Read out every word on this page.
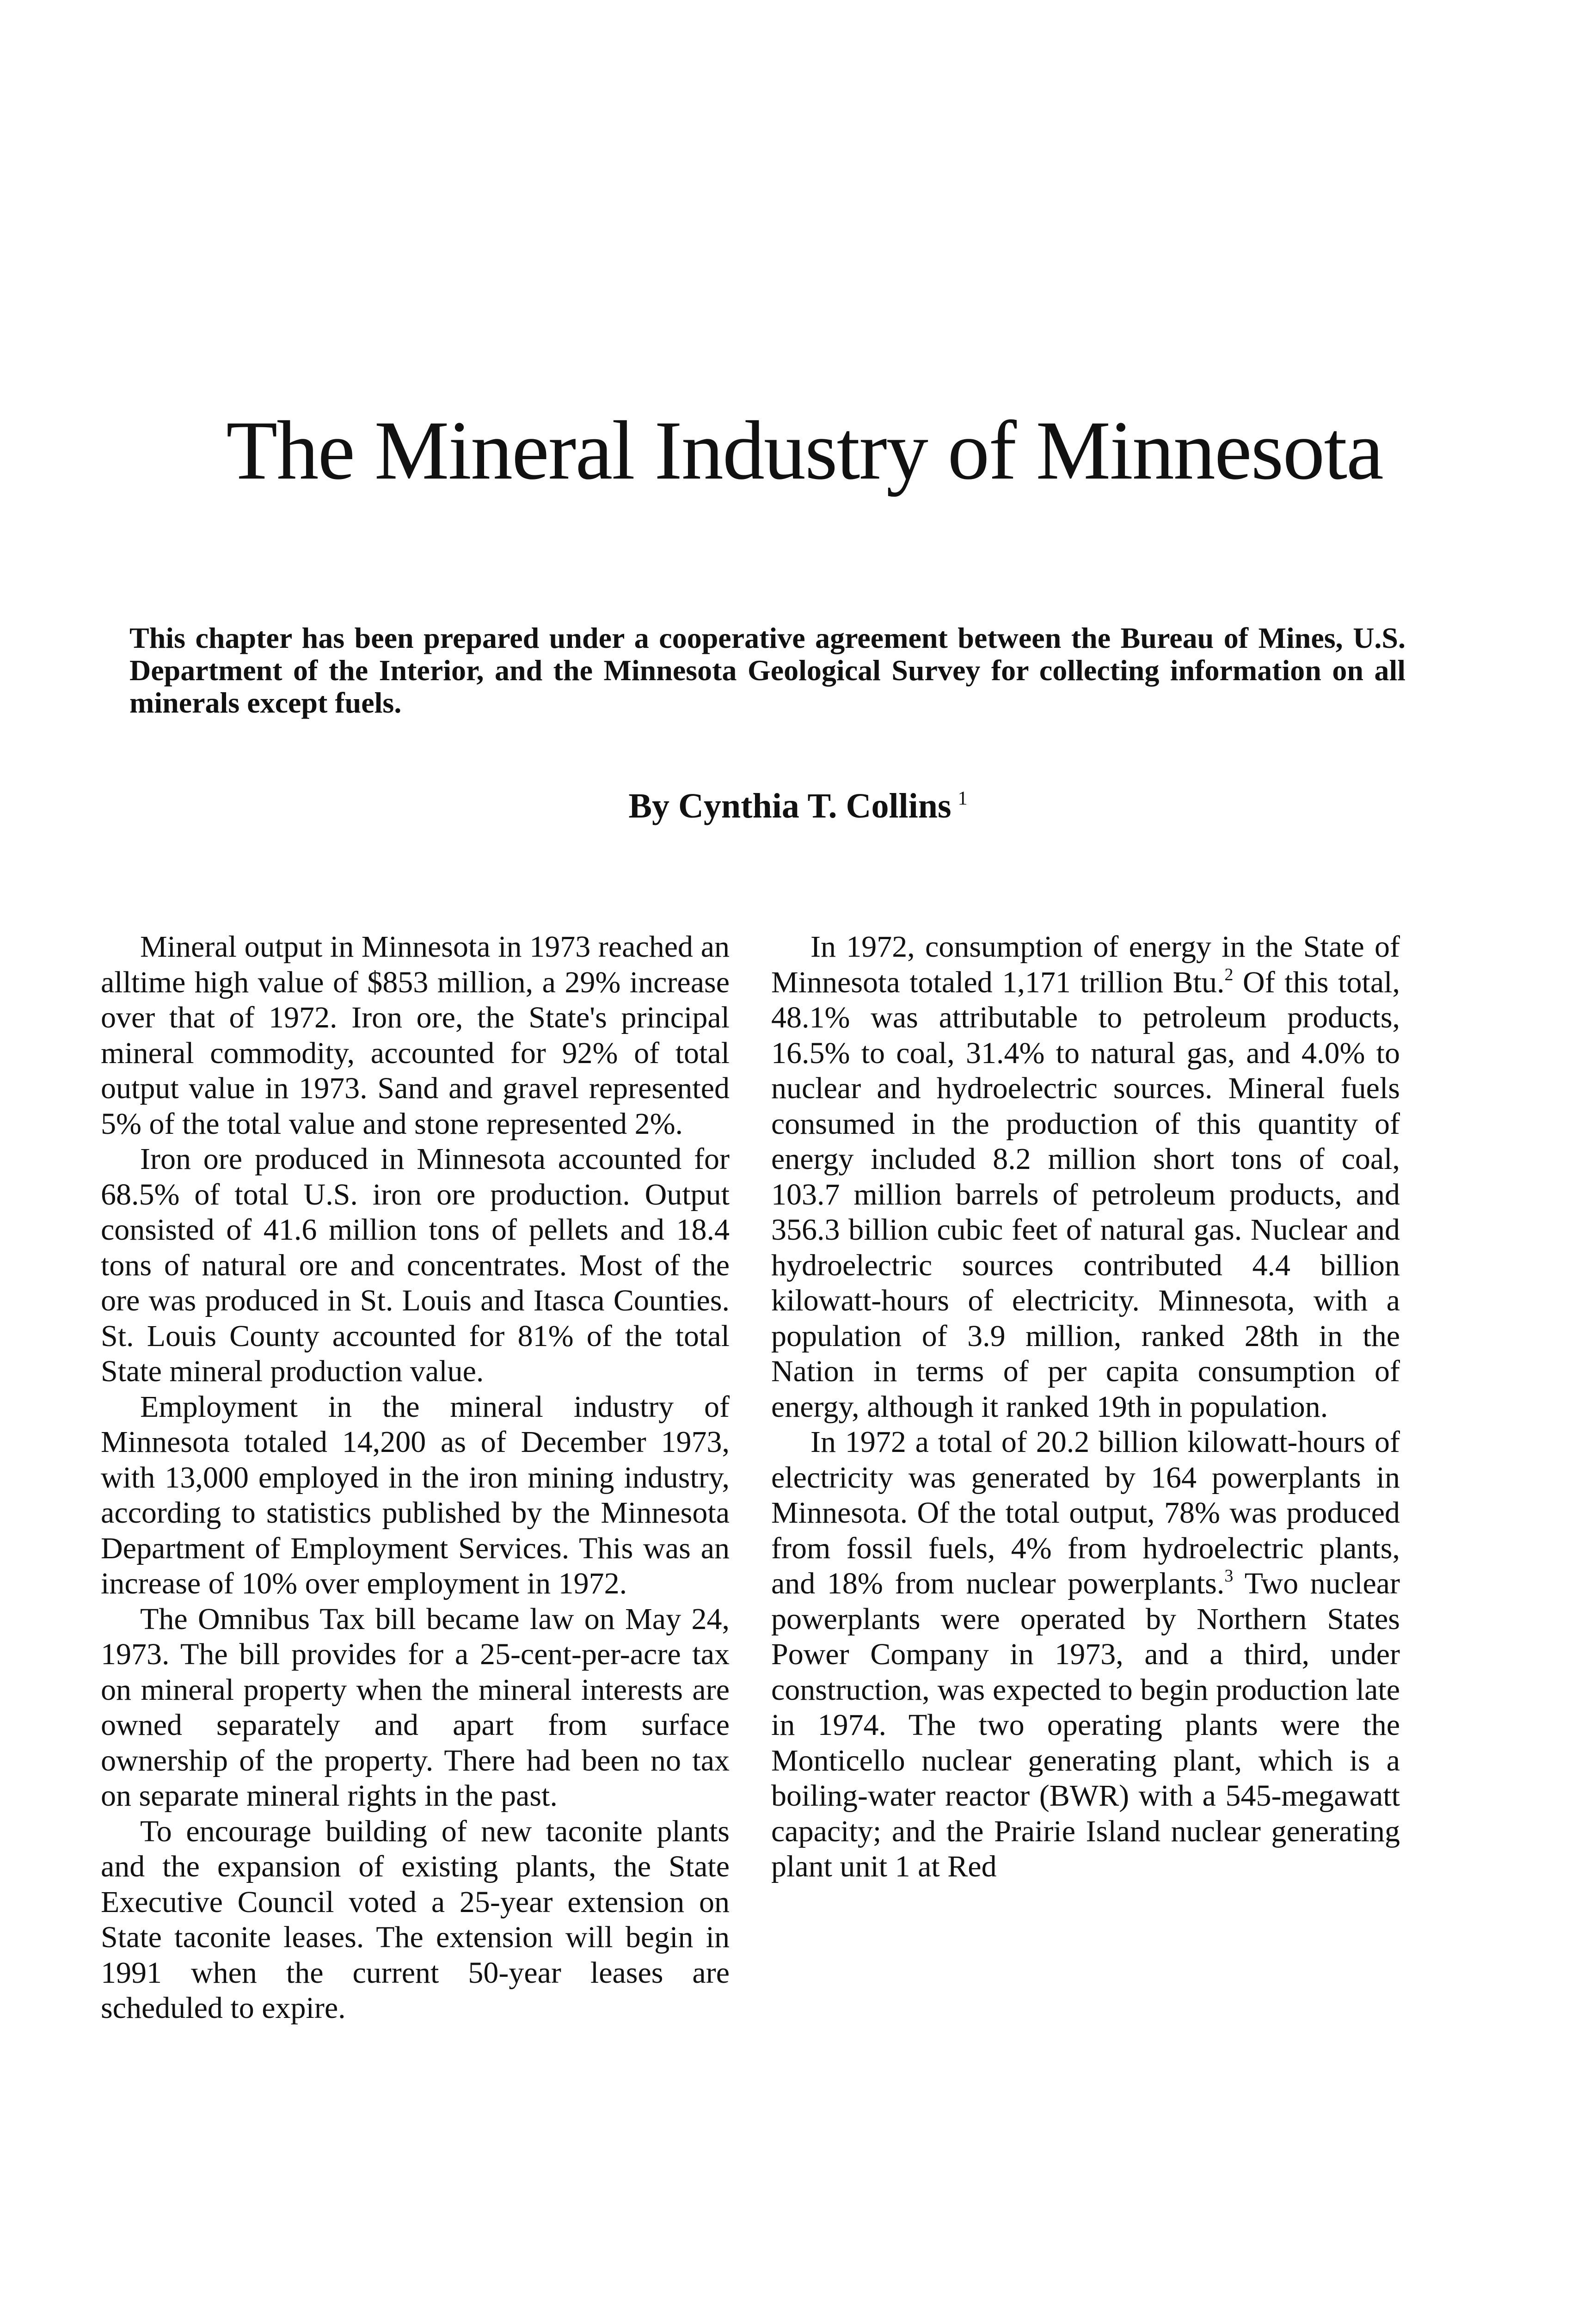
The Mineral Industry of Minnesota

This chapter has been prepared under a cooperative agreement between the Bureau of Mines, U.S. Department of the Interior, and the Minnesota Geological Survey for collecting information on all minerals except fuels.

By Cynthia T. Collins $^1$

Mineral output in Minnesota in 1973 reached an alltime high value of $853 million, a 29% increase over that of 1972. Iron ore, the State's principal mineral commodity, accounted for 92% of total output value in 1973. Sand and gravel represented 5% of the total value and stone represented 2%.

Iron ore produced in Minnesota accounted for 68.5% of total U.S. iron ore production. Output consisted of 41.6 million tons of pellets and 18.4 tons of natural ore and concentrates. Most of the ore was produced in St. Louis and Itasca Counties. St. Louis County accounted for 81% of the total State mineral production value.

Employment in the mineral industry of Minnesota totaled 14,200 as of December 1973, with 13,000 employed in the iron mining industry, according to statistics published by the Minnesota Department of Employment Services. This was an increase of 10% over employment in 1972.

The Omnibus Tax bill became law on May 24, 1973. The bill provides for a 25-cent-per-acre tax on mineral property when the mineral interests are owned separately and apart from surface ownership of the property. There had been no tax on separate mineral rights in the past.

To encourage building of new taconite plants and the expansion of existing plants, the State Executive Council voted a 25-year extension on State taconite leases. The extension will begin in 1991 when the current 50-year leases are scheduled to expire.

In 1972, consumption of energy in the State of Minnesota totaled 1,171 trillion Btu.$^2$ Of this total, 48.1% was attributable to petroleum products, 16.5% to coal, 31.4% to natural gas, and 4.0% to nuclear and hydroelectric sources. Mineral fuels consumed in the production of this quantity of energy included 8.2 million short tons of coal, 103.7 million barrels of petroleum products, and 356.3 billion cubic feet of natural gas. Nuclear and hydroelectric sources contributed 4.4 billion kilowatt-hours of electricity. Minnesota, with a population of 3.9 million, ranked 28th in the Nation in terms of per capita consumption of energy, although it ranked 19th in population.

In 1972 a total of 20.2 billion kilowatt-hours of electricity was generated by 164 powerplants in Minnesota. Of the total output, 78% was produced from fossil fuels, 4% from hydroelectric plants, and 18% from nuclear powerplants.$^3$ Two nuclear powerplants were operated by Northern States Power Company in 1973, and a third, under construction, was expected to begin production late in 1974. The two operating plants were the Monticello nuclear generating plant, which is a boiling-water reactor (BWR) with a 545-megawatt capacity; and the Prairie Island nuclear generating plant unit 1 at Red
